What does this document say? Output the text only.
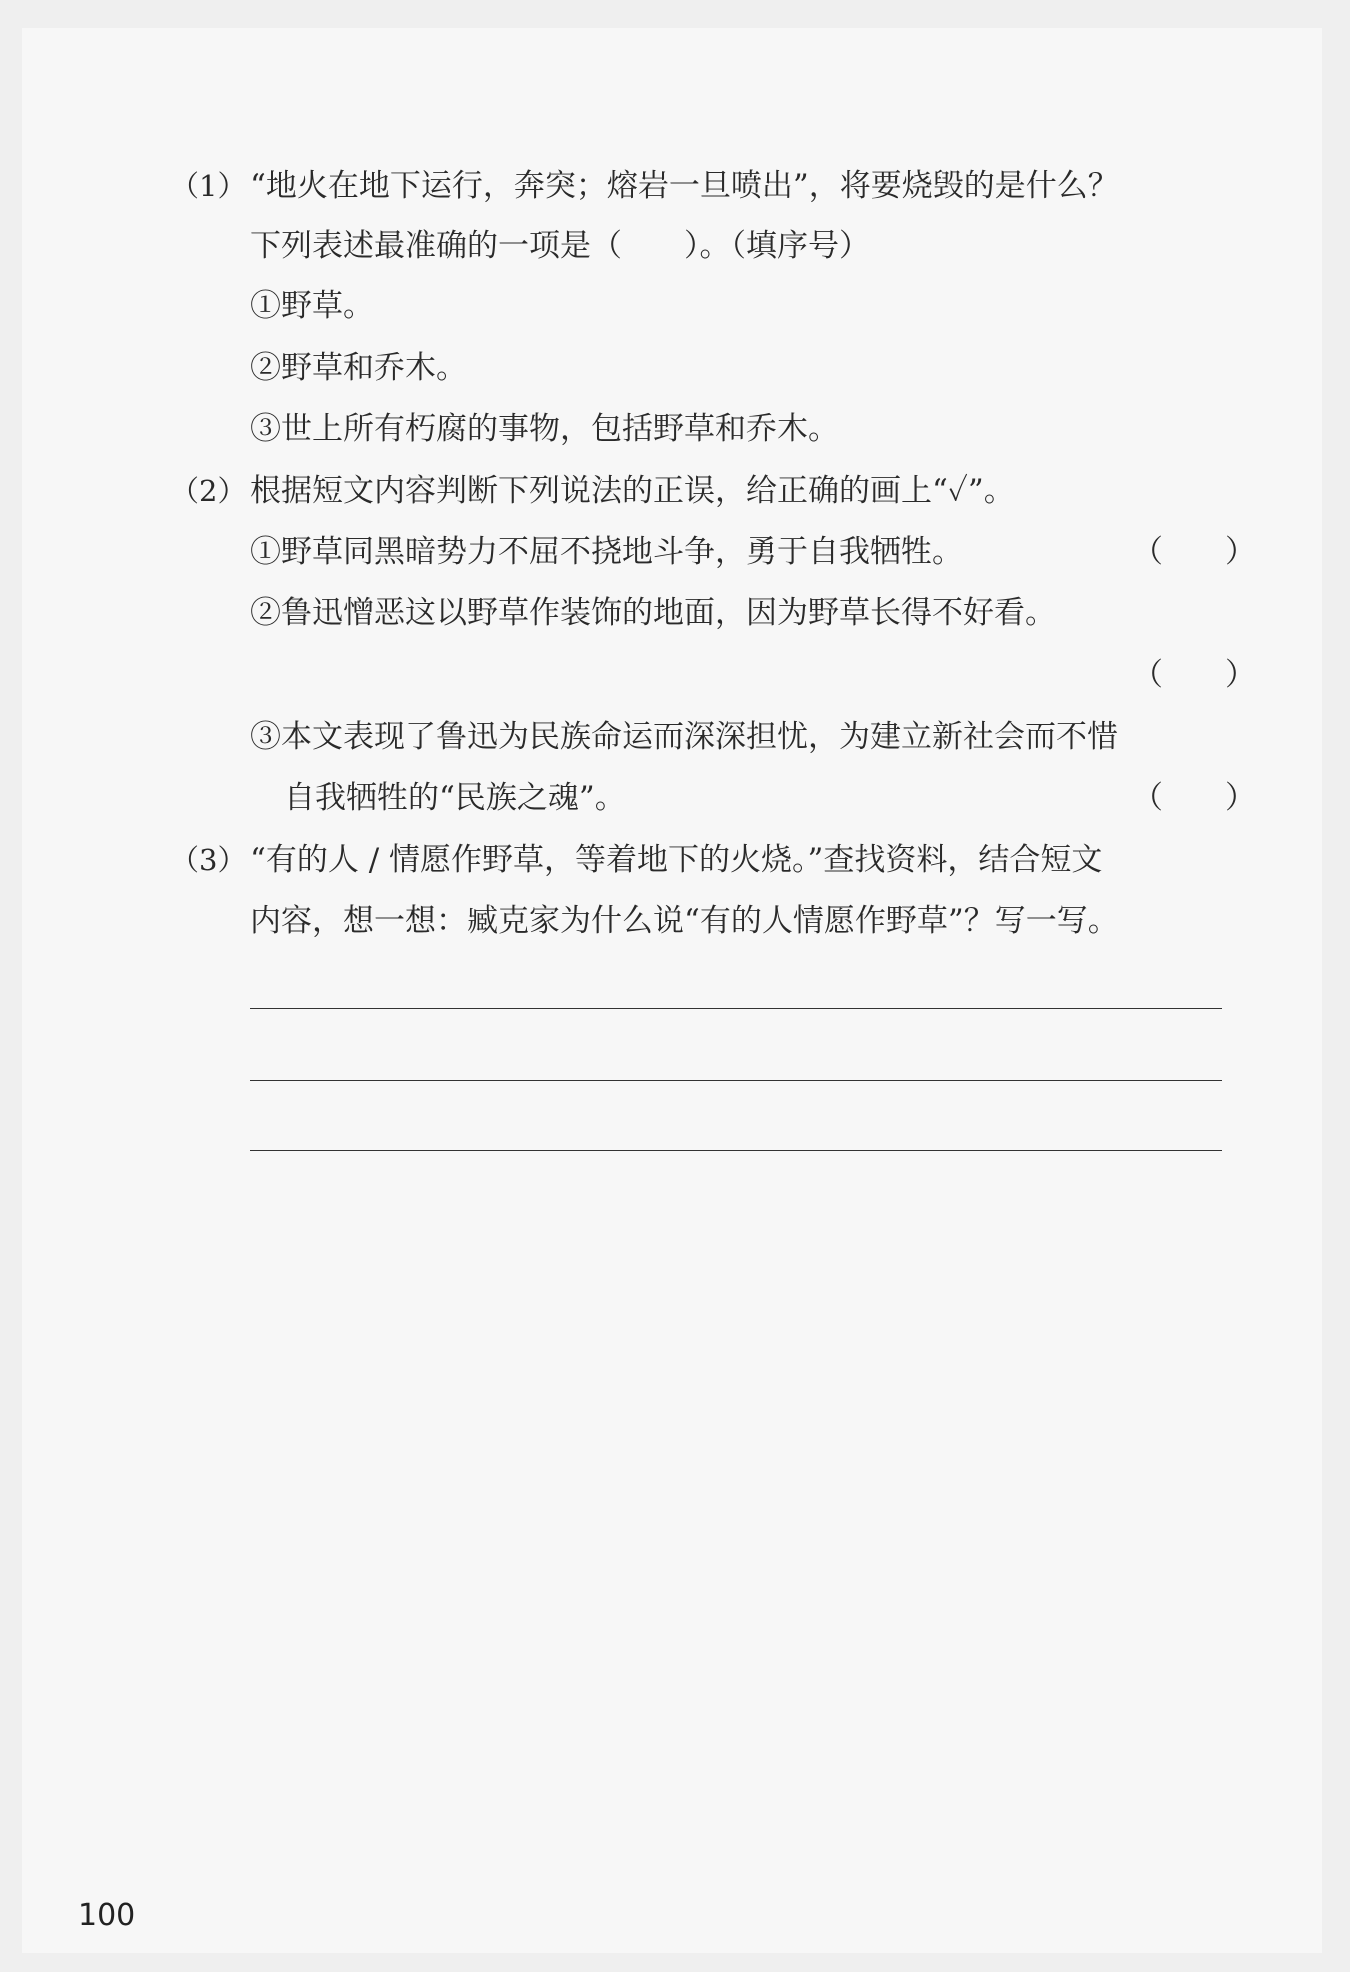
（1） “地火在地下运行，奔突；熔岩一旦喷出”，将要烧毁的是什么？
下列表述最准确的一项是（　　）。（填序号）
①野草。
②野草和乔木。
③世上所有朽腐的事物，包括野草和乔木。
（2） 根据短文内容判断下列说法的正误，给正确的画上“✓”。
①野草同黑暗势力不屈不挠地斗争，勇于自我牺牲。	（　　）
②鲁迅憎恶这以野草作装饰的地面，因为野草长得不好看。
（　　）
③本文表现了鲁迅为民族命运而深深担忧，为建立新社会而不惜
自我牺牲的“民族之魂”。	（　　）
（3） “有的人 / 情愿作野草，等着地下的火烧。”查找资料，结合短文
内容，想一想：臧克家为什么说“有的人情愿作野草”？写一写。
100
